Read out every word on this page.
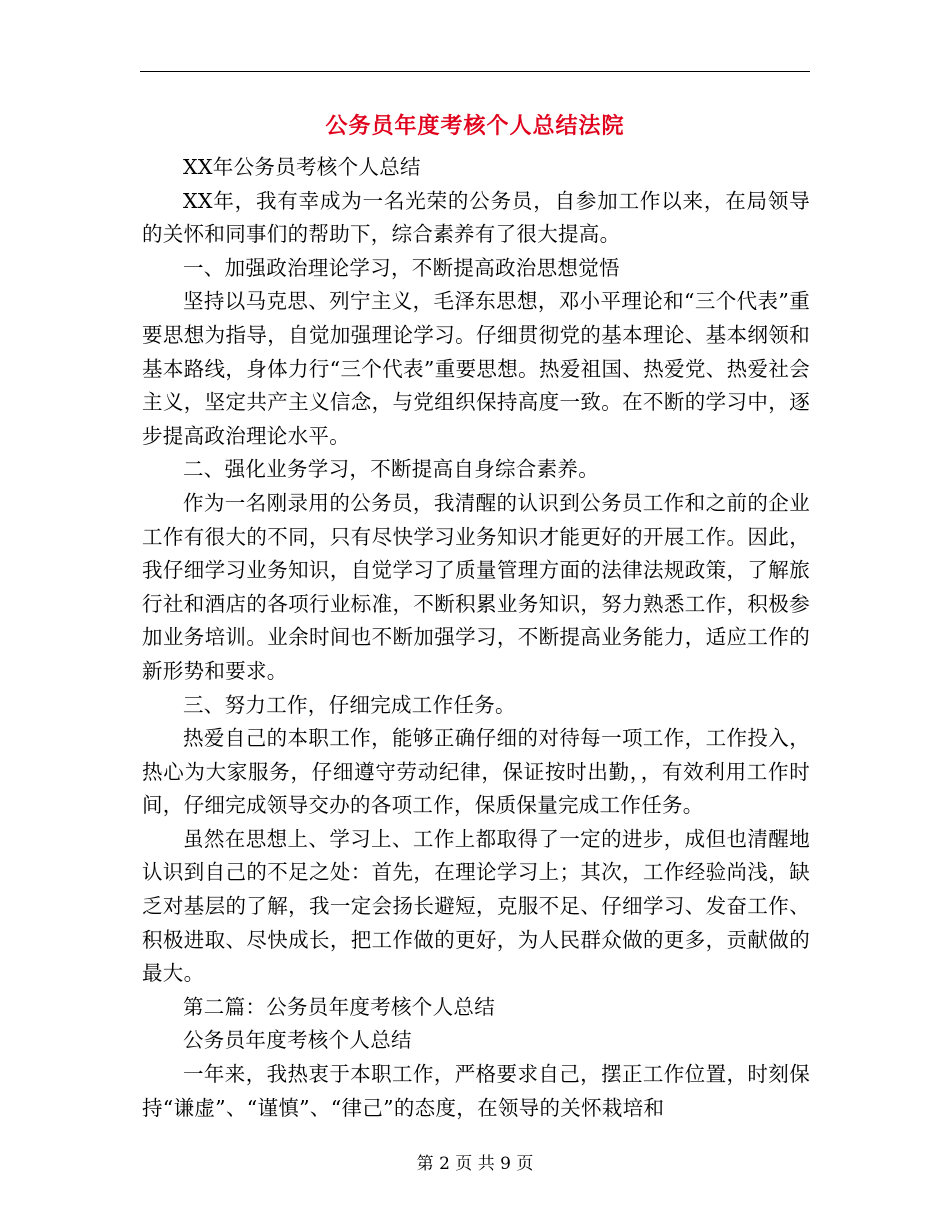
公务员年度考核个人总结法院

XX年公务员考核个人总结

XX年，我有幸成为一名光荣的公务员，自参加工作以来，在局领导的关怀和同事们的帮助下，综合素养有了很大提高。

一、加强政治理论学习，不断提高政治思想觉悟

坚持以马克思、列宁主义，毛泽东思想，邓小平理论和“三个代表”重要思想为指导，自觉加强理论学习。仔细贯彻党的基本理论、基本纲领和基本路线，身体力行“三个代表”重要思想。热爱祖国、热爱党、热爱社会主义，坚定共产主义信念，与党组织保持高度一致。在不断的学习中，逐步提高政治理论水平。

二、强化业务学习，不断提高自身综合素养。

作为一名刚录用的公务员，我清醒的认识到公务员工作和之前的企业工作有很大的不同，只有尽快学习业务知识才能更好的开展工作。因此，我仔细学习业务知识，自觉学习了质量管理方面的法律法规政策，了解旅行社和酒店的各项行业标准，不断积累业务知识，努力熟悉工作，积极参加业务培训。业余时间也不断加强学习，不断提高业务能力，适应工作的新形势和要求。

三、努力工作，仔细完成工作任务。

热爱自己的本职工作，能够正确仔细的对待每一项工作，工作投入，热心为大家服务，仔细遵守劳动纪律，保证按时出勤，，有效利用工作时间，仔细完成领导交办的各项工作，保质保量完成工作任务。

虽然在思想上、学习上、工作上都取得了一定的进步，成但也清醒地认识到自己的不足之处：首先，在理论学习上；其次，工作经验尚浅，缺乏对基层的了解，我一定会扬长避短，克服不足、仔细学习、发奋工作、积极进取、尽快成长，把工作做的更好，为人民群众做的更多，贡献做的最大。

第二篇：公务员年度考核个人总结

公务员年度考核个人总结

一年来，我热衷于本职工作，严格要求自己，摆正工作位置，时刻保持“谦虚”、“谨慎”、“律己”的态度，在领导的关怀栽培和

第 2 页 共 9 页
